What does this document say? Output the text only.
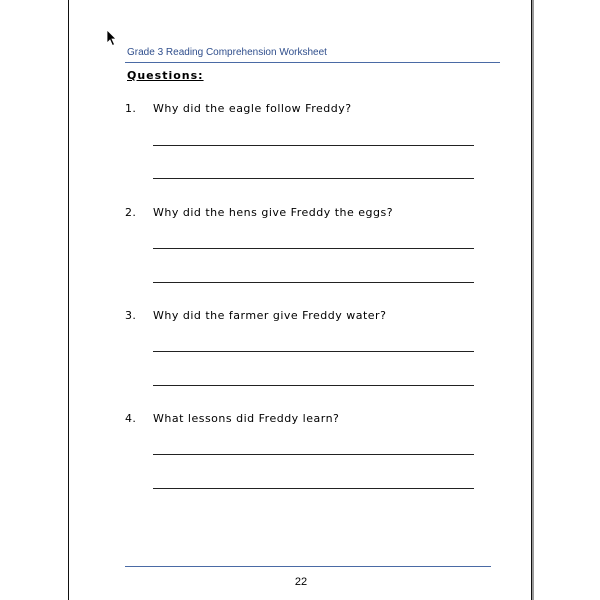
Grade 3 Reading Comprehension Worksheet
Questions:
1. Why did the eagle follow Freddy?
2. Why did the hens give Freddy the eggs?
3. Why did the farmer give Freddy water?
4. What lessons did Freddy learn?
22
